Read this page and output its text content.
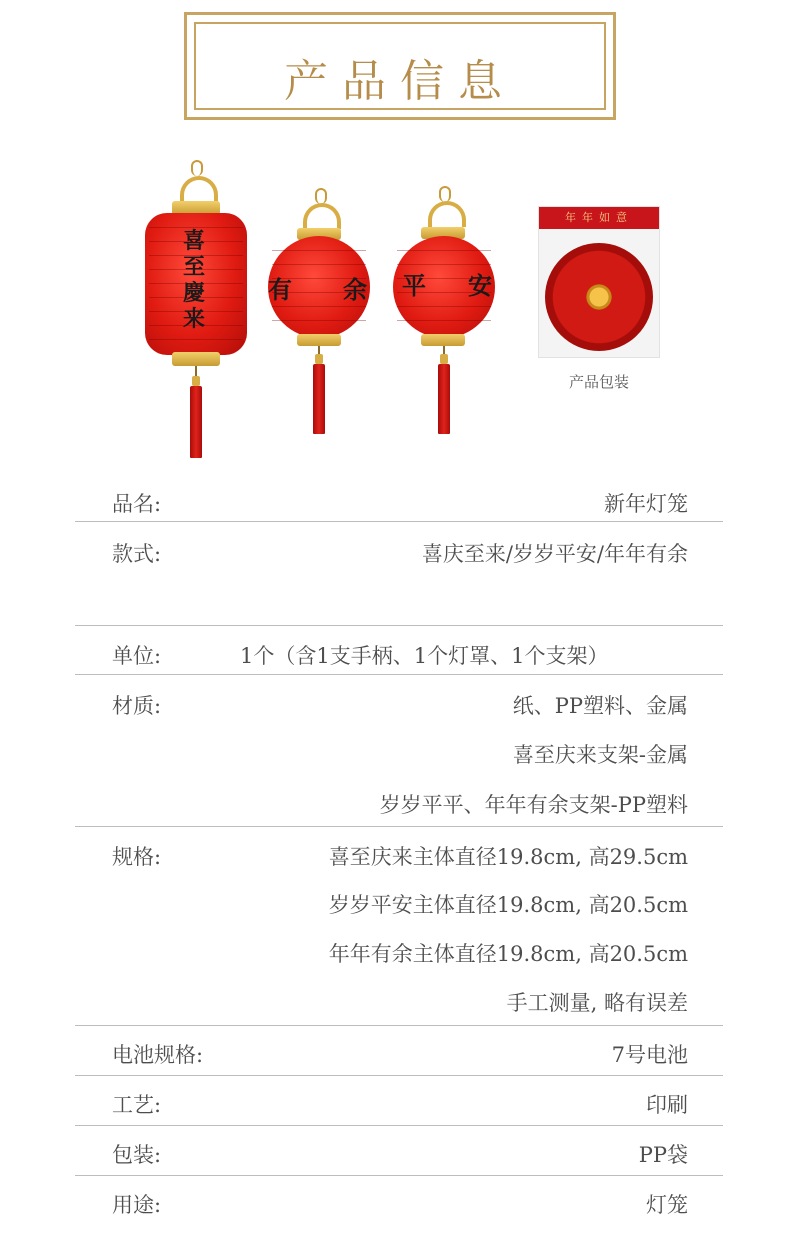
产品信息
喜至慶来
有 余 平 安
年年如意
产品包装
品名:	新年灯笼
款式:	喜庆至来/岁岁平安/年年有余
单位:	1个（含1支手柄、1个灯罩、1个支架）
材质:	纸、PP塑料、金属
喜至庆来支架-金属
岁岁平平、年年有余支架-PP塑料
规格:	喜至庆来主体直径19.8cm, 高29.5cm
岁岁平安主体直径19.8cm, 高20.5cm
年年有余主体直径19.8cm, 高20.5cm
手工测量, 略有误差
电池规格:	7号电池
工艺:	印刷
包装:	PP袋
用途:	灯笼
